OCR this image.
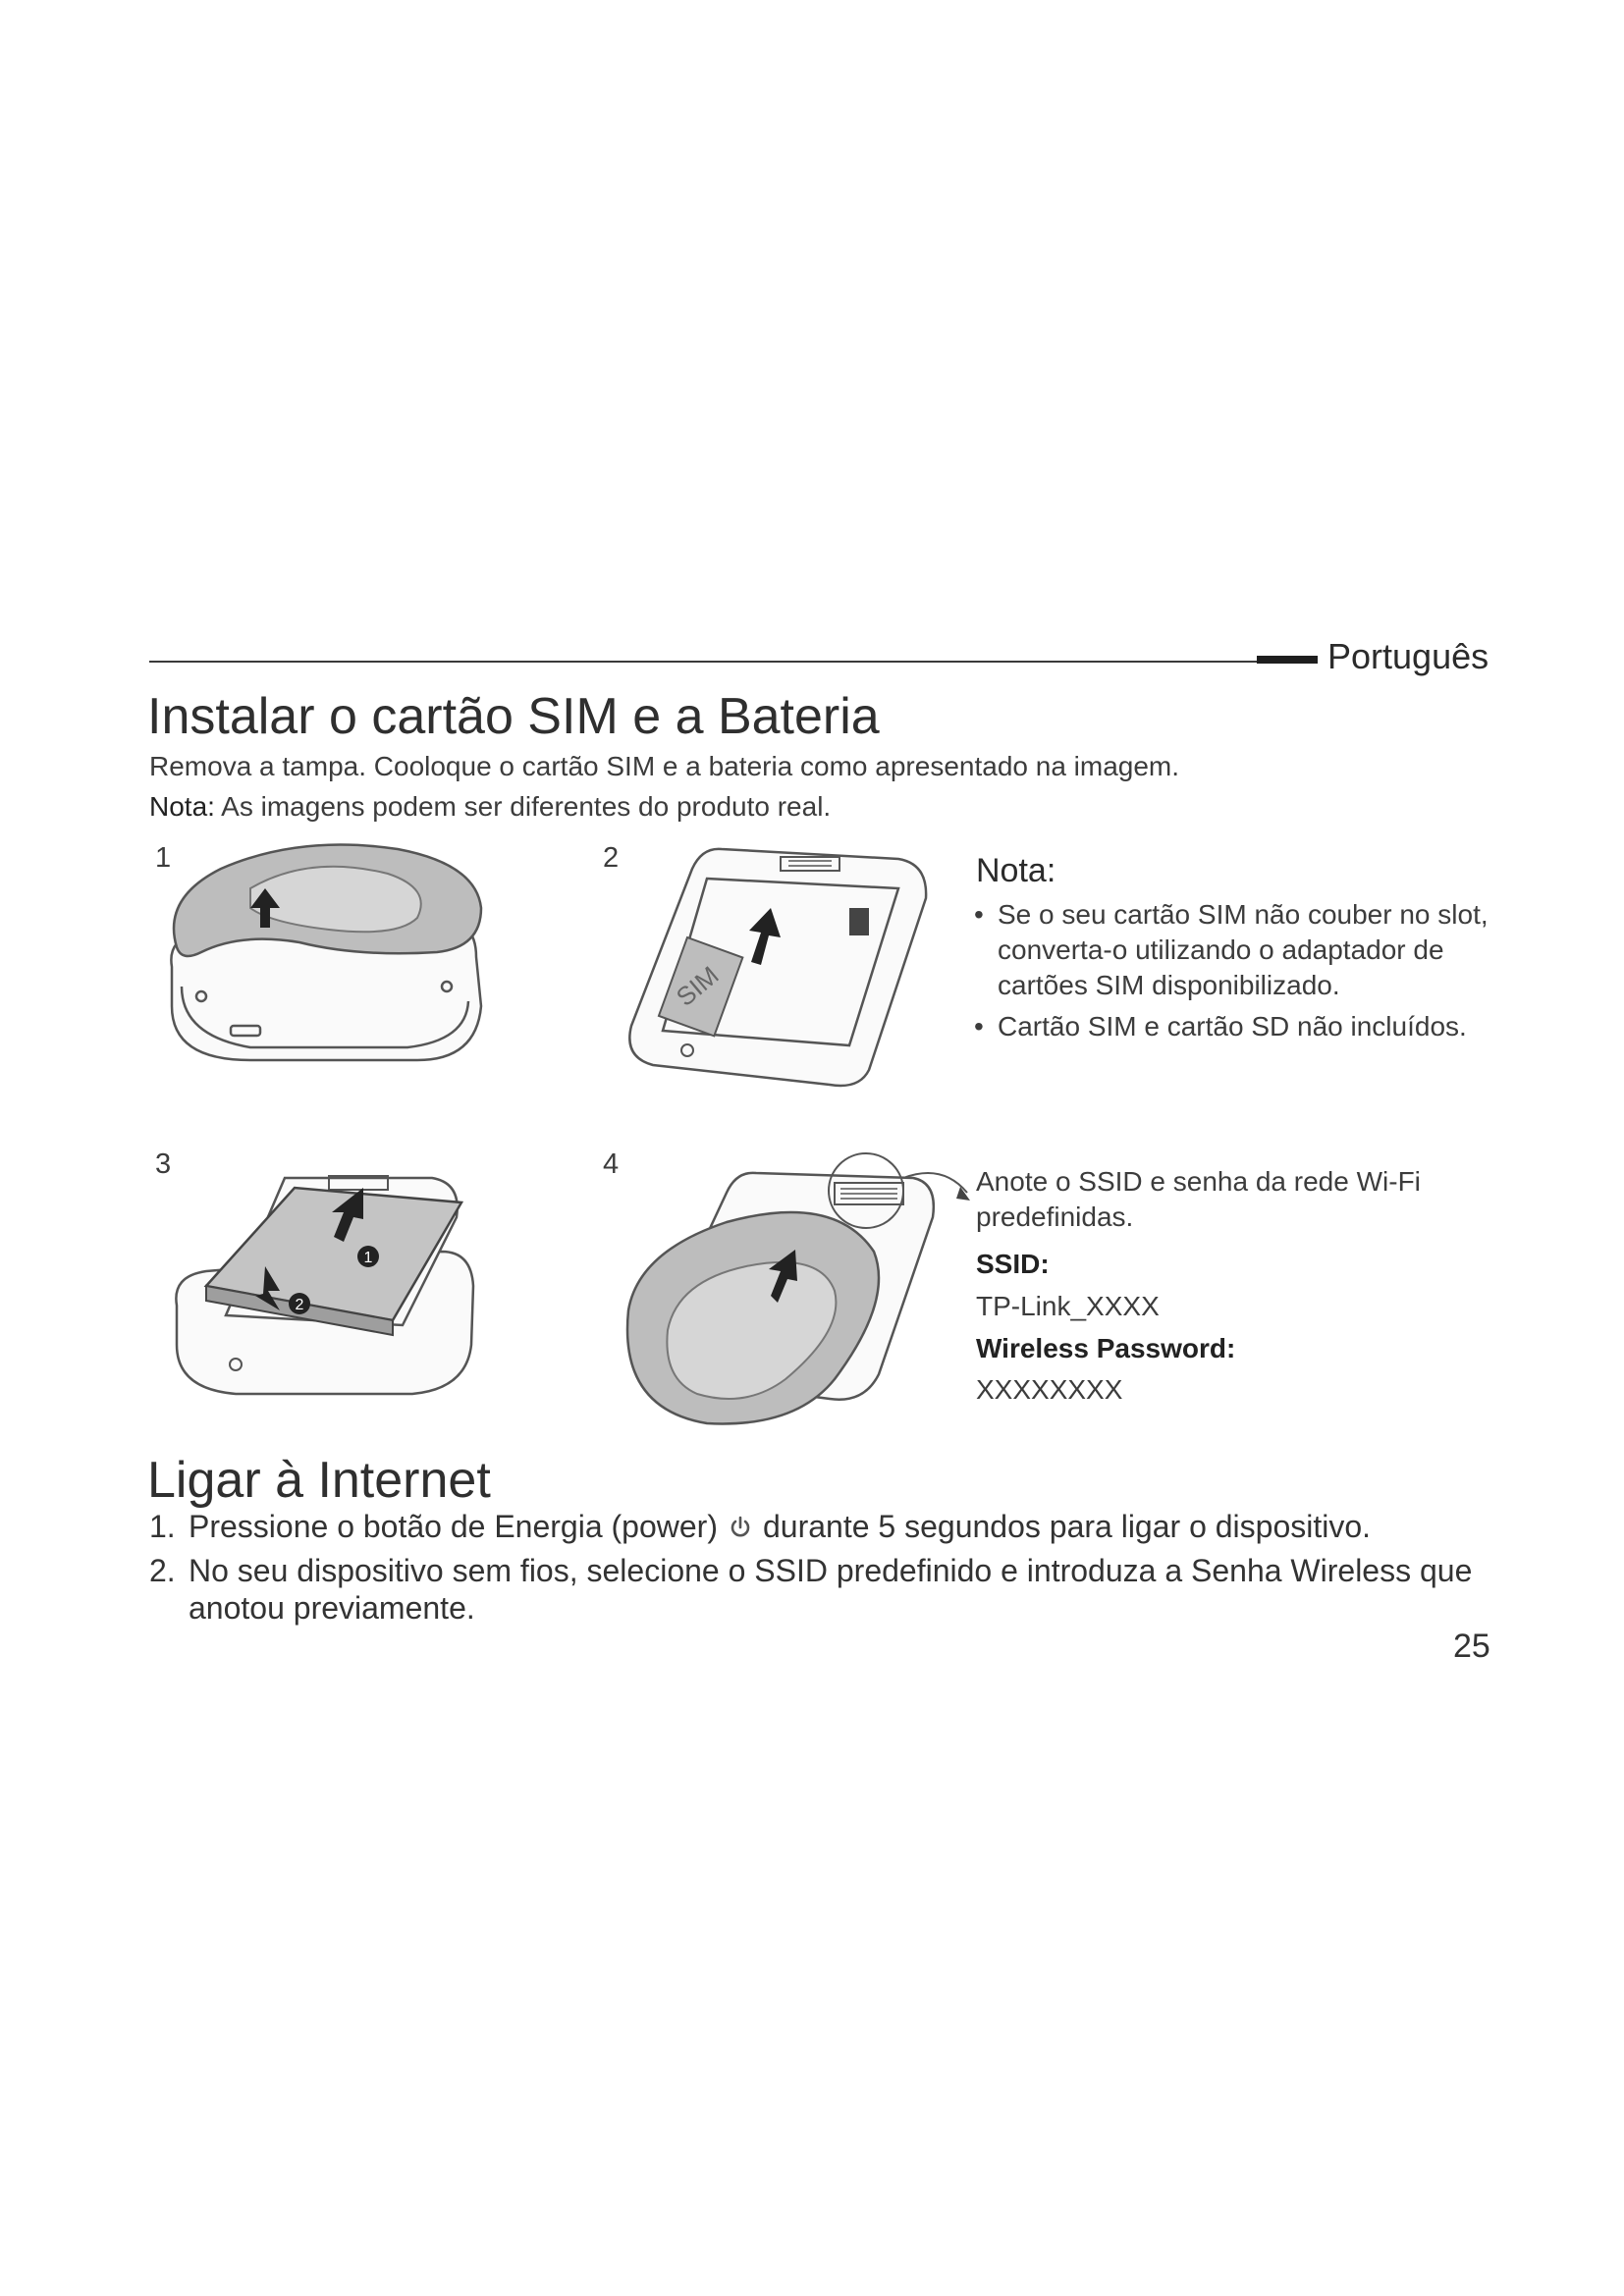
Português
Instalar o cartão SIM e a Bateria
Remova a tampa. Cooloque o cartão SIM e a bateria como apresentado na imagem.
Nota: As imagens podem ser diferentes do produto real.
1	2
3	4
SIM
1
2
Nota:
• Se o seu cartão SIM não couber no slot, converta-o utilizando o adaptador de cartões SIM disponibilizado.
• Cartão SIM e cartão SD não incluídos.
Anote o SSID e senha da rede Wi-Fi predefinidas.
SSID:
TP-Link_XXXX
Wireless Password:
XXXXXXXX
Ligar à Internet
1. Pressione o botão de Energia (power) durante 5 segundos para ligar o dispositivo.
2. No seu dispositivo sem fios, selecione o SSID predefinido e introduza a Senha Wireless que anotou previamente.
25
